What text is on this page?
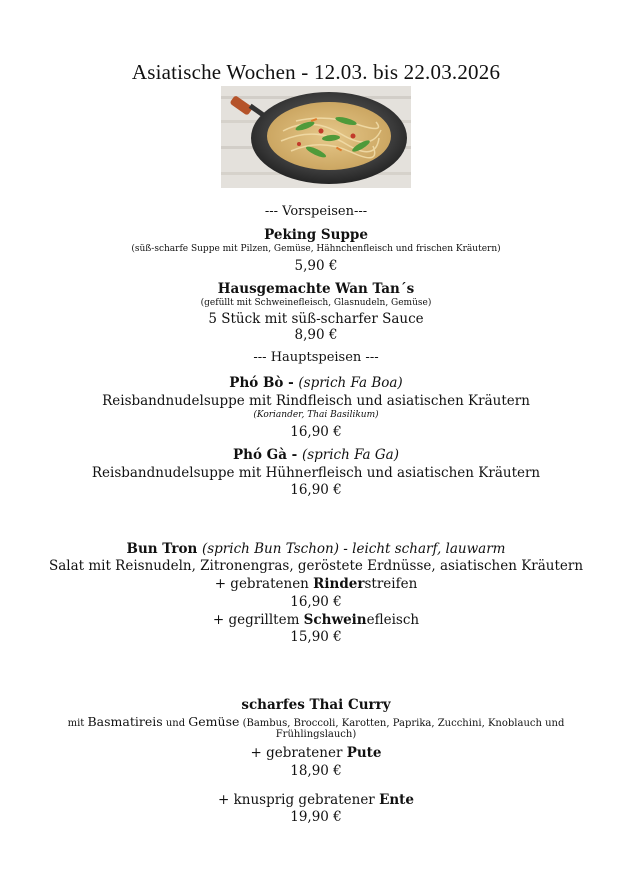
Asiatische Wochen - 12.03. bis 22.03.2026
--- Vorspeisen---
Peking Suppe
(süß-scharfe Suppe mit Pilzen, Gemüse, Hähnchenfleisch und frischen Kräutern)
5,90 €
Hausgemachte Wan Tan´s
(gefüllt mit Schweinefleisch, Glasnudeln, Gemüse)
5 Stück mit süß-scharfer Sauce
8,90 €
--- Hauptspeisen ---
Phó Bò - (sprich Fa Boa)
Reisbandnudelsuppe mit Rindfleisch und asiatischen Kräutern
(Koriander, Thai Basilikum)
16,90 €
Phó Gà - (sprich Fa Ga)
Reisbandnudelsuppe mit Hühnerfleisch und asiatischen Kräutern
16,90 €
Bun Tron (sprich Bun Tschon) - leicht scharf, lauwarm
Salat mit Reisnudeln, Zitronengras, geröstete Erdnüsse, asiatischen Kräutern
+ gebratenen Rinderstreifen
16,90 €
+ gegrilltem Schweinefleisch
15,90 €
scharfes Thai Curry
mit Basmatireis und Gemüse (Bambus, Broccoli, Karotten, Paprika, Zucchini, Knoblauch und
Frühlingslauch)
+ gebratener Pute
18,90 €
+ knusprig gebratener Ente
19,90 €
